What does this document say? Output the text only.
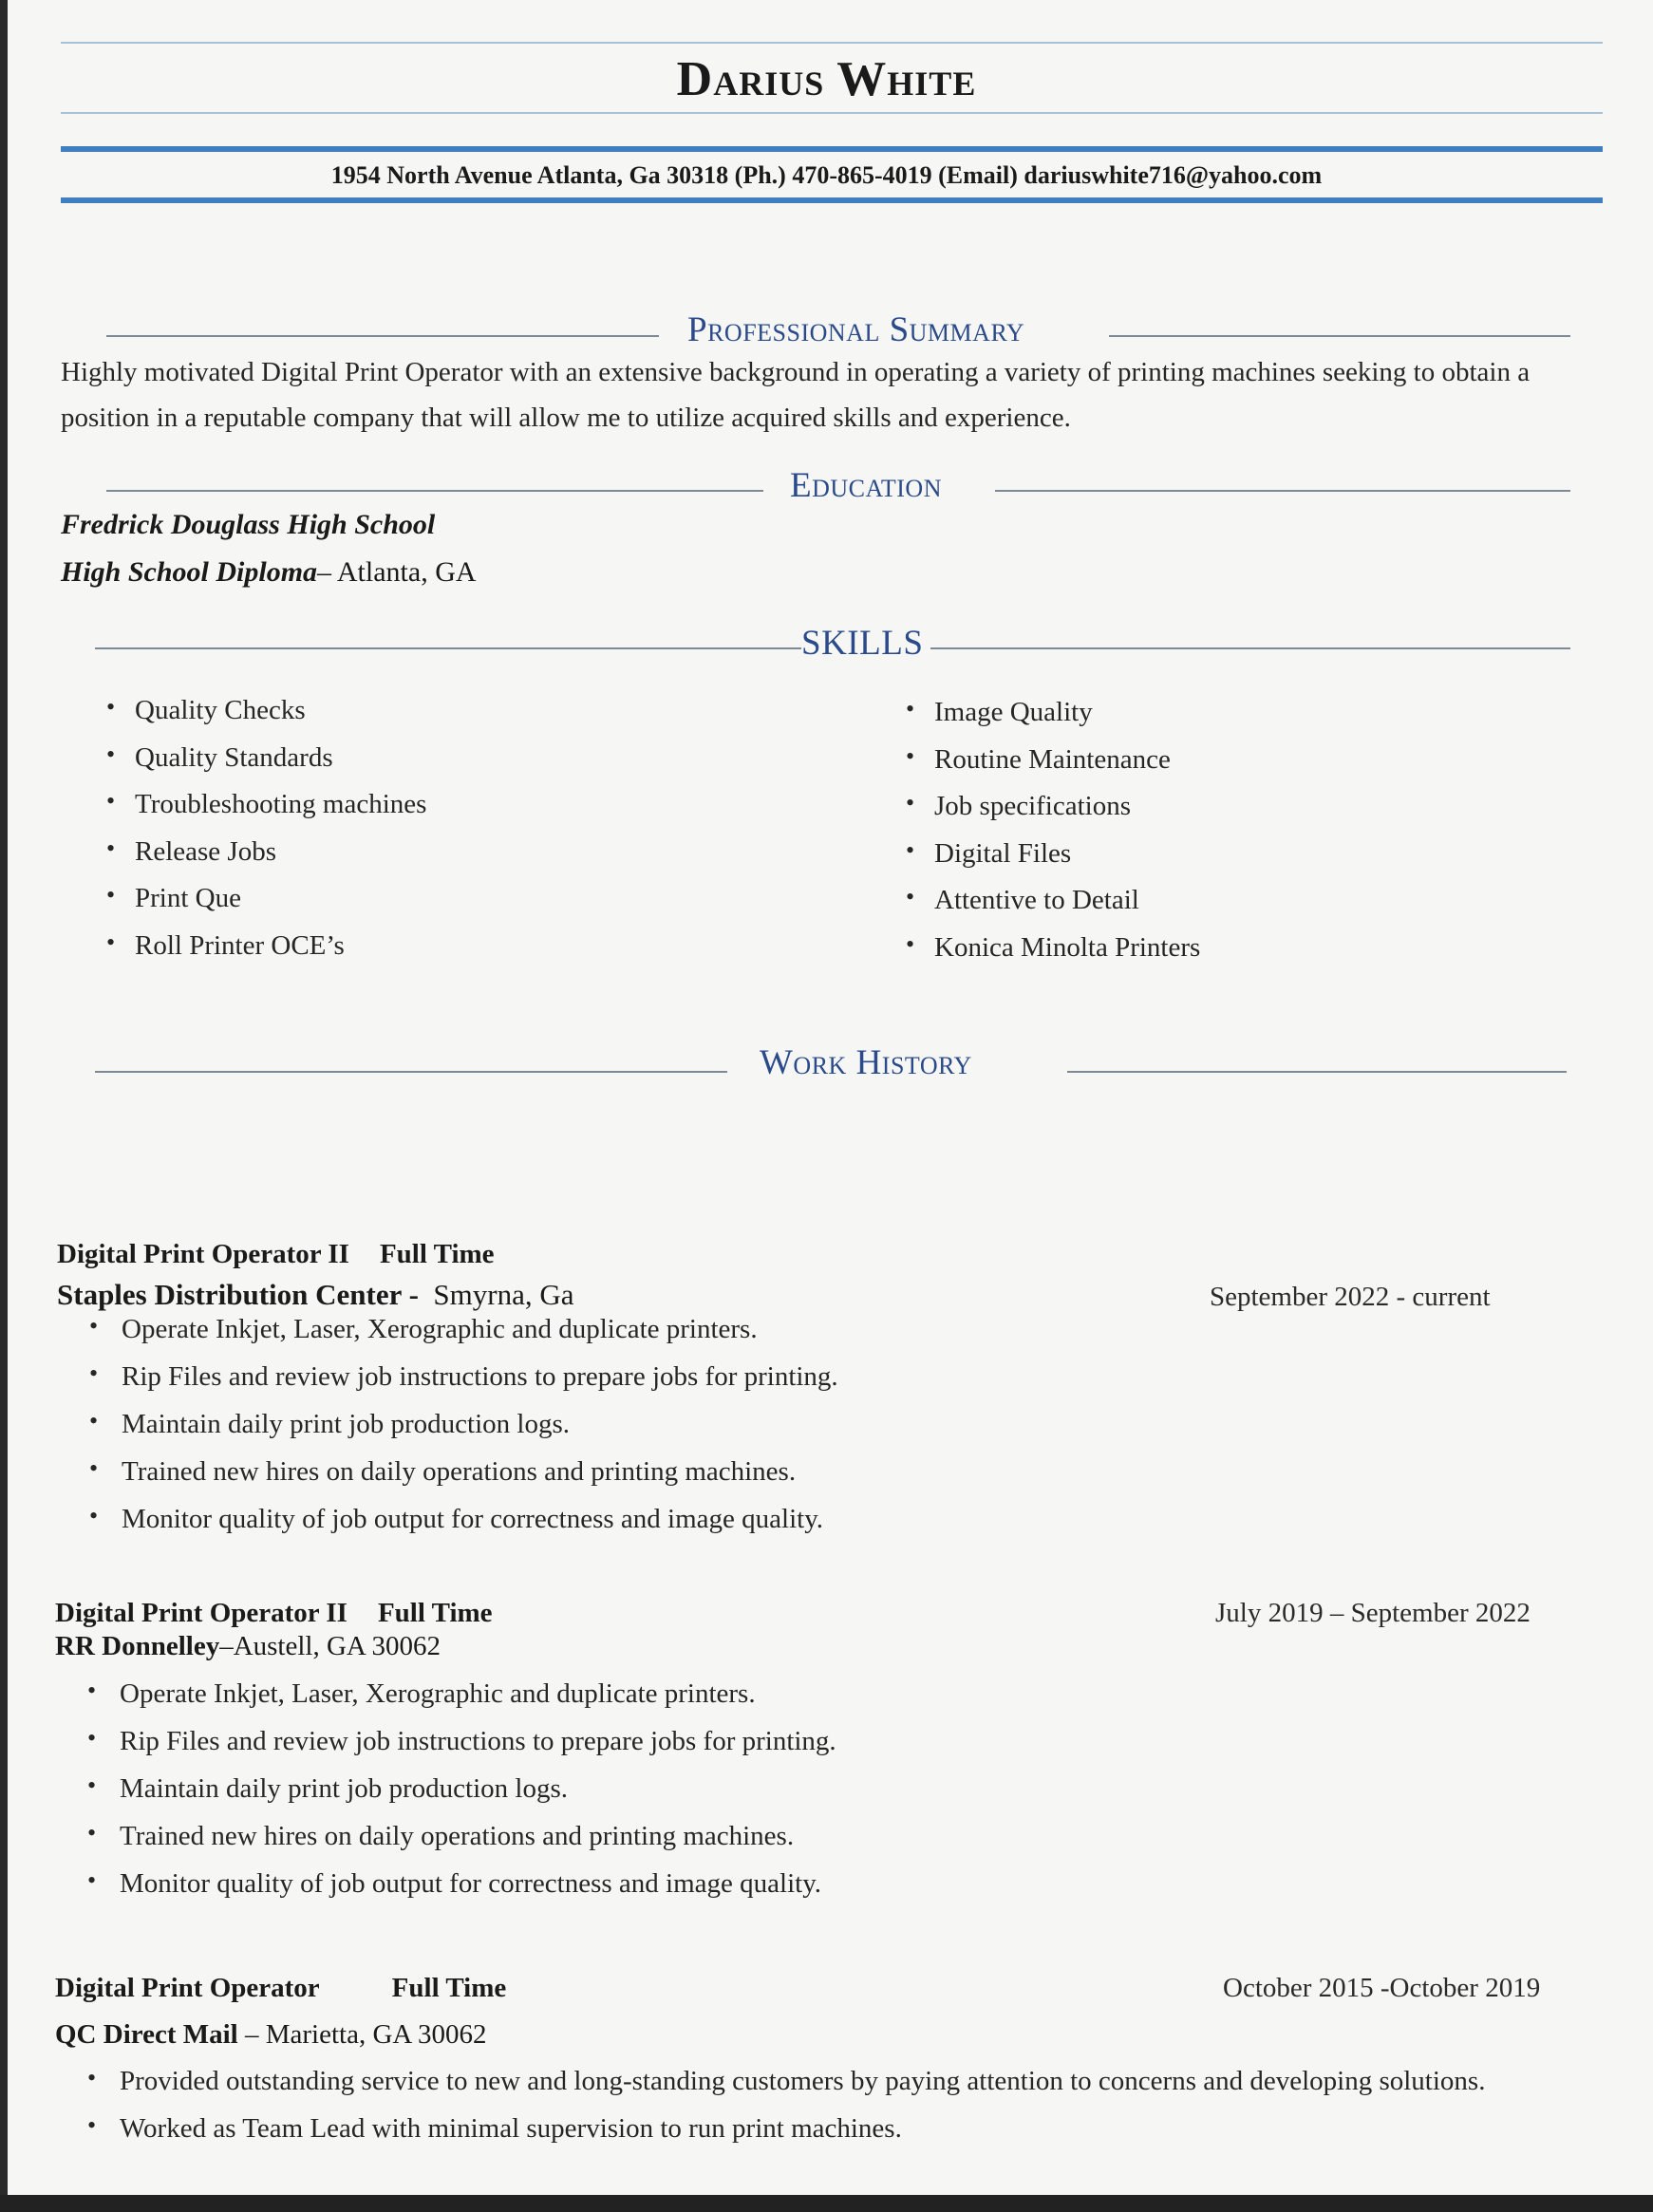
Darius White
1954 North Avenue Atlanta, Ga 30318 (Ph.) 470-865-4019 (Email) dariuswhite716@yahoo.com
Professional Summary
Highly motivated Digital Print Operator with an extensive background in operating a variety of printing machines seeking to obtain a position in a reputable company that will allow me to utilize acquired skills and experience.
Education
Fredrick Douglass High School
High School Diploma– Atlanta, GA
SKILLS
• Quality Checks
• Quality Standards
• Troubleshooting machines
• Release Jobs
• Print Que
• Roll Printer OCE’s
• Image Quality
• Routine Maintenance
• Job specifications
• Digital Files
• Attentive to Detail
• Konica Minolta Printers
Work History
Digital Print Operator II Full Time
Staples Distribution Center - Smyrna, Ga	September 2022 - current
• Operate Inkjet, Laser, Xerographic and duplicate printers.
• Rip Files and review job instructions to prepare jobs for printing.
• Maintain daily print job production logs.
• Trained new hires on daily operations and printing machines.
• Monitor quality of job output for correctness and image quality.
Digital Print Operator II Full Time	July 2019 – September 2022
RR Donnelley–Austell, GA 30062
• Operate Inkjet, Laser, Xerographic and duplicate printers.
• Rip Files and review job instructions to prepare jobs for printing.
• Maintain daily print job production logs.
• Trained new hires on daily operations and printing machines.
• Monitor quality of job output for correctness and image quality.
Digital Print Operator	Full Time	October 2015 -October 2019
QC Direct Mail – Marietta, GA 30062
• Provided outstanding service to new and long-standing customers by paying attention to concerns and developing solutions.
• Worked as Team Lead with minimal supervision to run print machines.
